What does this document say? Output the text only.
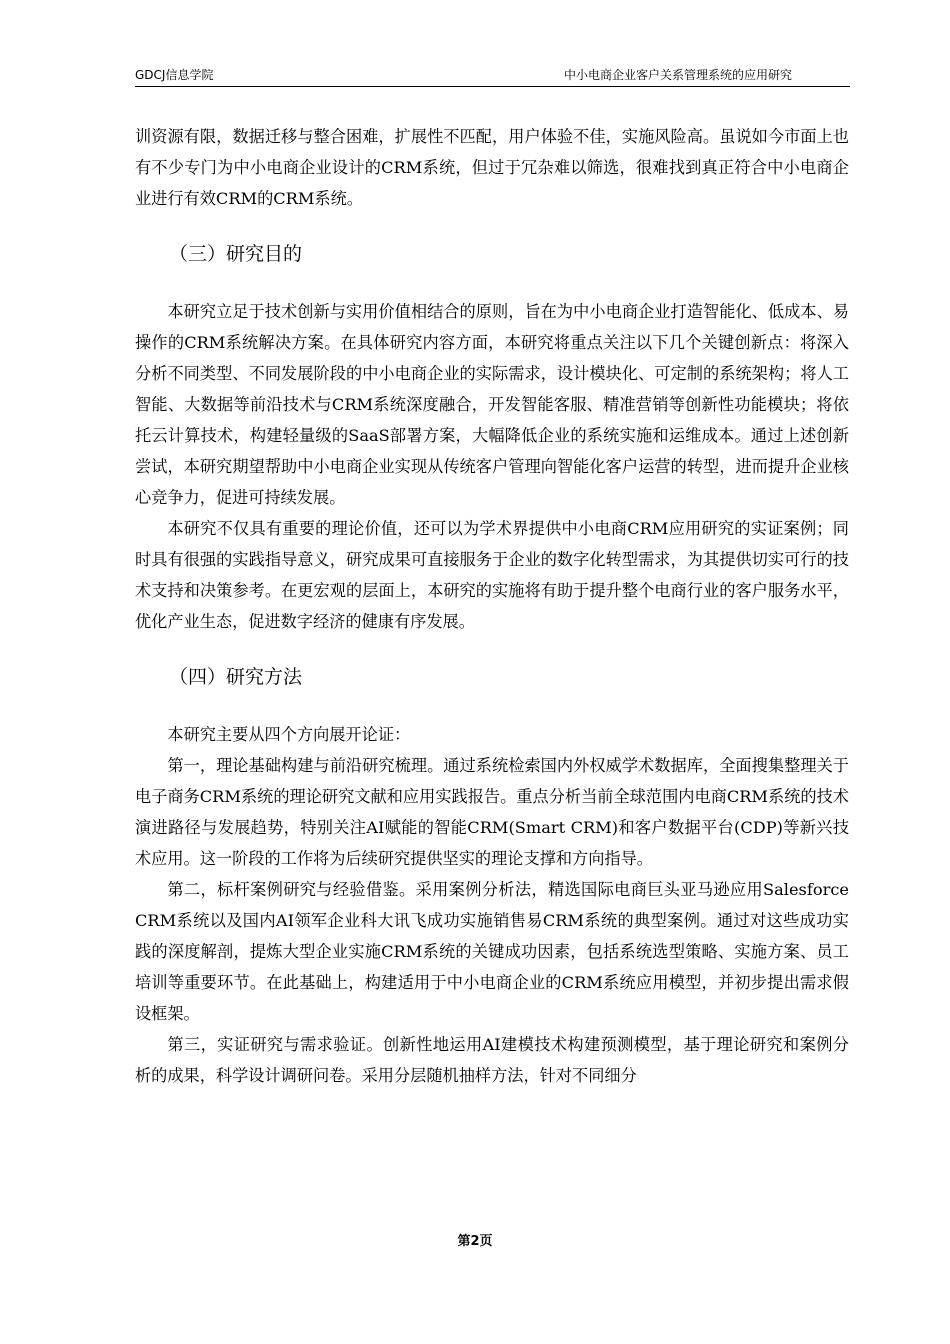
GDCJ信息学院	中小电商企业客户关系管理系统的应用研究

训资源有限，数据迁移与整合困难，扩展性不匹配，用户体验不佳，实施风险高。虽说如今市面上也有不少专门为中小电商企业设计的CRM系统，但过于冗杂难以筛选，很难找到真正符合中小电商企业进行有效CRM的CRM系统。

（三）研究目的

本研究立足于技术创新与实用价值相结合的原则，旨在为中小电商企业打造智能化、低成本、易操作的CRM系统解决方案。在具体研究内容方面，本研究将重点关注以下几个关键创新点：将深入分析不同类型、不同发展阶段的中小电商企业的实际需求，设计模块化、可定制的系统架构；将人工智能、大数据等前沿技术与CRM系统深度融合，开发智能客服、精准营销等创新性功能模块；将依托云计算技术，构建轻量级的SaaS部署方案，大幅降低企业的系统实施和运维成本。通过上述创新尝试，本研究期望帮助中小电商企业实现从传统客户管理向智能化客户运营的转型，进而提升企业核心竞争力，促进可持续发展。

本研究不仅具有重要的理论价值，还可以为学术界提供中小电商CRM应用研究的实证案例；同时具有很强的实践指导意义，研究成果可直接服务于企业的数字化转型需求，为其提供切实可行的技术支持和决策参考。在更宏观的层面上，本研究的实施将有助于提升整个电商行业的客户服务水平，优化产业生态，促进数字经济的健康有序发展。

（四）研究方法

本研究主要从四个方向展开论证：

第一，理论基础构建与前沿研究梳理。通过系统检索国内外权威学术数据库，全面搜集整理关于电子商务CRM系统的理论研究文献和应用实践报告。重点分析当前全球范围内电商CRM系统的技术演进路径与发展趋势，特别关注AI赋能的智能CRM(Smart CRM)和客户数据平台(CDP)等新兴技术应用。这一阶段的工作将为后续研究提供坚实的理论支撑和方向指导。

第二，标杆案例研究与经验借鉴。采用案例分析法，精选国际电商巨头亚马逊应用Salesforce CRM系统以及国内AI领军企业科大讯飞成功实施销售易CRM系统的典型案例。通过对这些成功实践的深度解剖，提炼大型企业实施CRM系统的关键成功因素，包括系统选型策略、实施方案、员工培训等重要环节。在此基础上，构建适用于中小电商企业的CRM系统应用模型，并初步提出需求假设框架。

第三，实证研究与需求验证。创新性地运用AI建模技术构建预测模型，基于理论研究和案例分析的成果，科学设计调研问卷。采用分层随机抽样方法，针对不同细分

第2页
